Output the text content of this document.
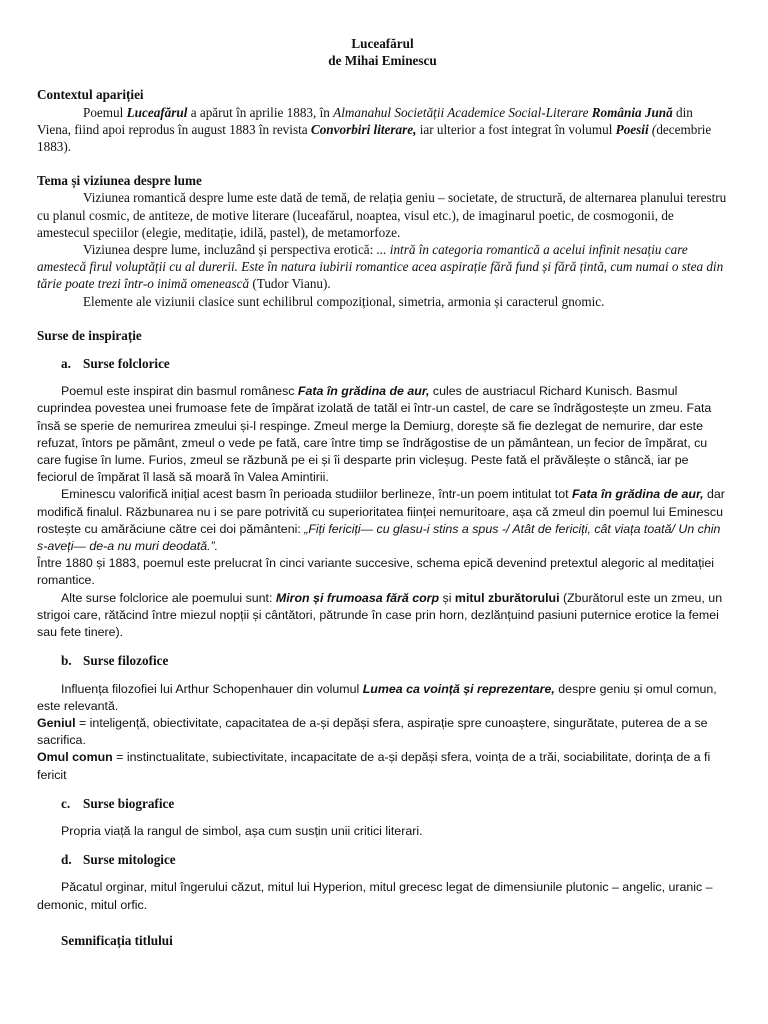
Luceafărul

de Mihai Eminescu

Contextul apariției

Poemul Luceafărul a apărut în aprilie 1883, în Almanahul Societății Academice Social-Literare România Jună din Viena, fiind apoi reprodus în august 1883 în revista Convorbiri literare, iar ulterior a fost integrat în volumul Poesii (decembrie 1883).

Tema și viziunea despre lume

Viziunea romantică despre lume este dată de temă, de relația geniu – societate, de structură, de alternarea planului terestru cu planul cosmic, de antiteze, de motive literare (luceafărul, noaptea, visul etc.), de imaginarul poetic, de cosmogonii, de amestecul speciilor (elegie, meditație, idilă, pastel), de metamorfoze.

Viziunea despre lume, incluzând și perspectiva erotică: ... intră în categoria romantică a acelui infinit nesațiu care amestecă firul voluptății cu al durerii. Este în natura iubirii romantice acea aspirație fără fund și fără țintă, cum numai o stea din tărie poate trezi într-o inimă omenească (Tudor Vianu).

Elemente ale viziunii clasice sunt echilibrul compozițional, simetria, armonia și caracterul gnomic.

Surse de inspirație

a. Surse folclorice

Poemul este inspirat din basmul românesc Fata în grădina de aur, cules de austriacul Richard Kunisch. Basmul cuprindea povestea unei frumoase fete de împărat izolată de tatăl ei într-un castel, de care se îndrăgostește un zmeu. Fata însă se sperie de nemurirea zmeului și-l respinge. Zmeul merge la Demiurg, dorește să fie dezlegat de nemurire, dar este refuzat, întors pe pământ, zmeul o vede pe fată, care între timp se îndrăgostise de un pământean, un fecior de împărat, cu care fugise în lume. Furios, zmeul se răzbună pe ei și îi desparte prin vicleșug. Peste fată el prăvălește o stâncă, iar pe feciorul de împărat îl lasă să moară în Valea Amintirii.

Eminescu valorifică inițial acest basm în perioada studiilor berlineze, într-un poem intitulat tot Fata în grădina de aur, dar modifică finalul. Răzbunarea nu i se pare potrivită cu superioritatea ființei nemuritoare, așa că zmeul din poemul lui Eminescu rostește cu amărăciune către cei doi pământeni: „Fiți fericiți— cu glasu-i stins a spus -/ Atât de fericiți, cât viața toată/ Un chin s-aveți— de-a nu muri deodată.”.

Între 1880 și 1883, poemul este prelucrat în cinci variante succesive, schema epică devenind pretextul alegoric al meditației romantice.

Alte surse folclorice ale poemului sunt: Miron și frumoasa fără corp și mitul zburătorului (Zburătorul este un zmeu, un strigoi care, rătăcind între miezul nopții și cântători, pătrunde în case prin horn, dezlănțuind pasiuni puternice erotice la femei sau fete tinere).

b. Surse filozofice

Influența filozofiei lui Arthur Schopenhauer din volumul Lumea ca voință și reprezentare, despre geniu și omul comun, este relevantă.

Geniul = inteligență, obiectivitate, capacitatea de a-și depăși sfera, aspirație spre cunoaștere, singurătate, puterea de a se sacrifica.

Omul comun = instinctualitate, subiectivitate, incapacitate de a-și depăși sfera, voința de a trăi, sociabilitate, dorința de a fi fericit

c. Surse biografice

Propria viață la rangul de simbol, așa cum susțin unii critici literari.

d. Surse mitologice

Păcatul orginar, mitul îngerului căzut, mitul lui Hyperion, mitul grecesc legat de dimensiunile plutonic – angelic, uranic – demonic, mitul orfic.

Semnificația titlului
